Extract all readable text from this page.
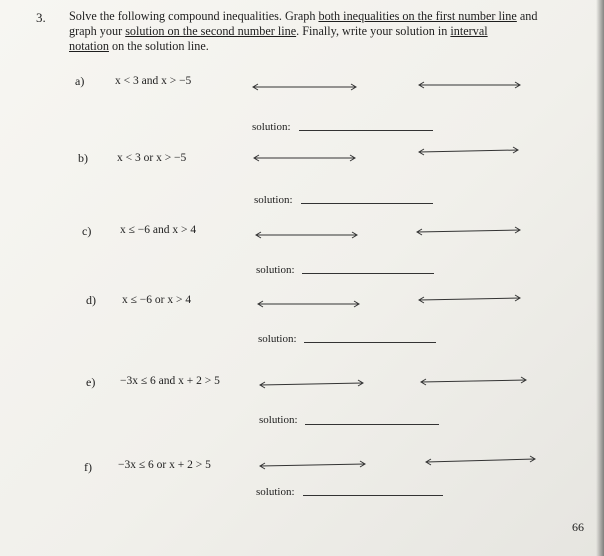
3. Solve the following compound inequalities. Graph both inequalities on the first number line and
graph your solution on the second number line. Finally, write your solution in interval
notation on the solution line.
a)	x < 3 and x > −5
solution:
b)	x < 3 or x > −5
solution:
c) x ≤ −6 and x > 4
solution:
d) x ≤ −6 or x > 4
solution:
e) −3x ≤ 6 and x + 2 > 5
solution:
f) −3x ≤ 6 or x + 2 > 5
solution:
66
